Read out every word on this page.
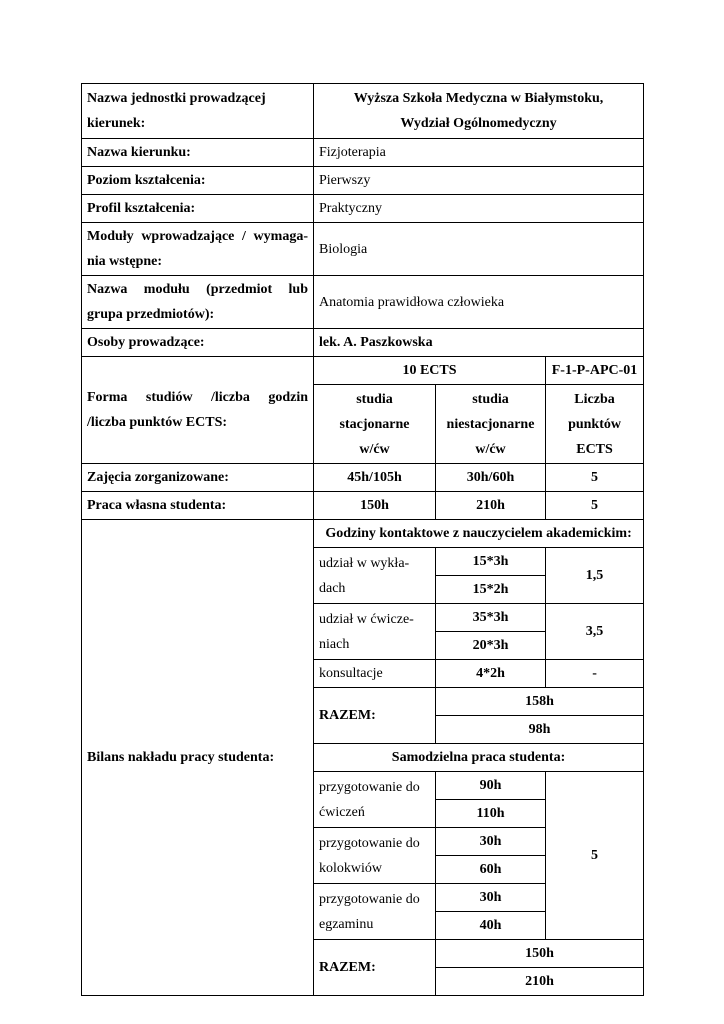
Nazwa jednostki prowadzącej
kierunek:	Wyższa Szkoła Medyczna w Białymstoku,
Wydział Ogólnomedyczny		

Nazwa kierunku:	Fizjoterapia		
Poziom kształcenia:	Pierwszy		
Profil kształcenia:	Praktyczny		

Moduły wprowadzające / wymaga-
nia wstępne:	Biologia		

Nazwa modułu (przedmiot lub
grupa przedmiotów):	Anatomia prawidłowa człowieka		
Osoby prowadzące:	lek. A. Paszkowska		

Forma studiów /liczba godzin
/liczba punktów ECTS:	10 ECTS		F-1-P-APC-01

	studia
stacjonarne
w/ćw	studia
niestacjonarne
w/ćw	Liczba
punktów
ECTS

Zajęcia zorganizowane:	45h/105h	30h/60h	5
Praca własna studenta:	150h	210h	5
Bilans nakładu pracy studenta:	Godziny kontaktowe z nauczycielem akademickim:		

	udział w wykła-
dach	15*3h	1,5
		15*2h	

	udział w ćwicze-
niach	35*3h	3,5
		20*3h	
	konsultacje	4*2h	-
	RAZEM:	158h	
		98h	
	Samodzielna praca studenta:		

	przygotowanie do
ćwiczeń	90h	5
		110h	

	przygotowanie do
kolokwiów	30h	
		60h	

	przygotowanie do
egzaminu	30h	
		40h	
	RAZEM:	150h	
		210h	
